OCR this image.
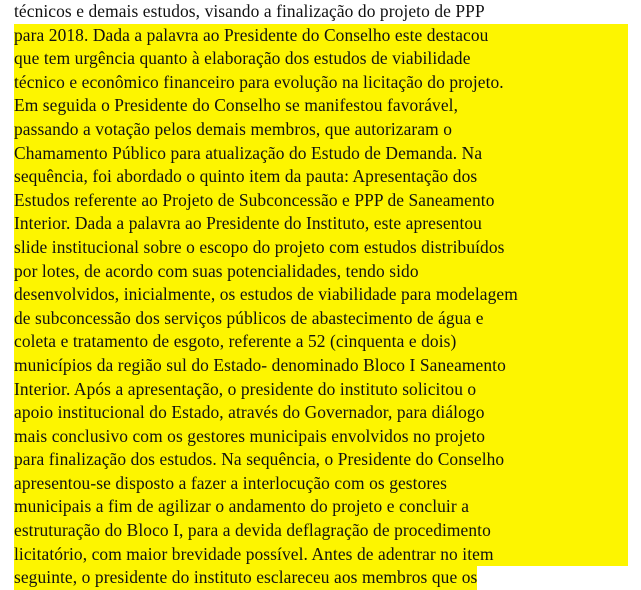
técnicos e demais estudos, visando a finalização do projeto de PPP
para 2018. Dada a palavra ao Presidente do Conselho este destacou
que tem urgência quanto à elaboração dos estudos de viabilidade
técnico e econômico financeiro para evolução na licitação do projeto.
Em seguida o Presidente do Conselho se manifestou favorável,
passando a votação pelos demais membros, que autorizaram o
Chamamento Público para atualização do Estudo de Demanda. Na
sequência, foi abordado o quinto item da pauta: Apresentação dos
Estudos referente ao Projeto de Subconcessão e PPP de Saneamento
Interior. Dada a palavra ao Presidente do Instituto, este apresentou
slide institucional sobre o escopo do projeto com estudos distribuídos
por lotes, de acordo com suas potencialidades, tendo sido
desenvolvidos, inicialmente, os estudos de viabilidade para modelagem
de subconcessão dos serviços públicos de abastecimento de água e
coleta e tratamento de esgoto, referente a 52 (cinquenta e dois)
municípios da região sul do Estado- denominado Bloco I Saneamento
Interior. Após a apresentação, o presidente do instituto solicitou o
apoio institucional do Estado, através do Governador, para diálogo
mais conclusivo com os gestores municipais envolvidos no projeto
para finalização dos estudos. Na sequência, o Presidente do Conselho
apresentou-se disposto a fazer a interlocução com os gestores
municipais a fim de agilizar o andamento do projeto e concluir a
estruturação do Bloco I, para a devida deflagração de procedimento
licitatório, com maior brevidade possível. Antes de adentrar no item
seguinte, o presidente do instituto esclareceu aos membros que os
